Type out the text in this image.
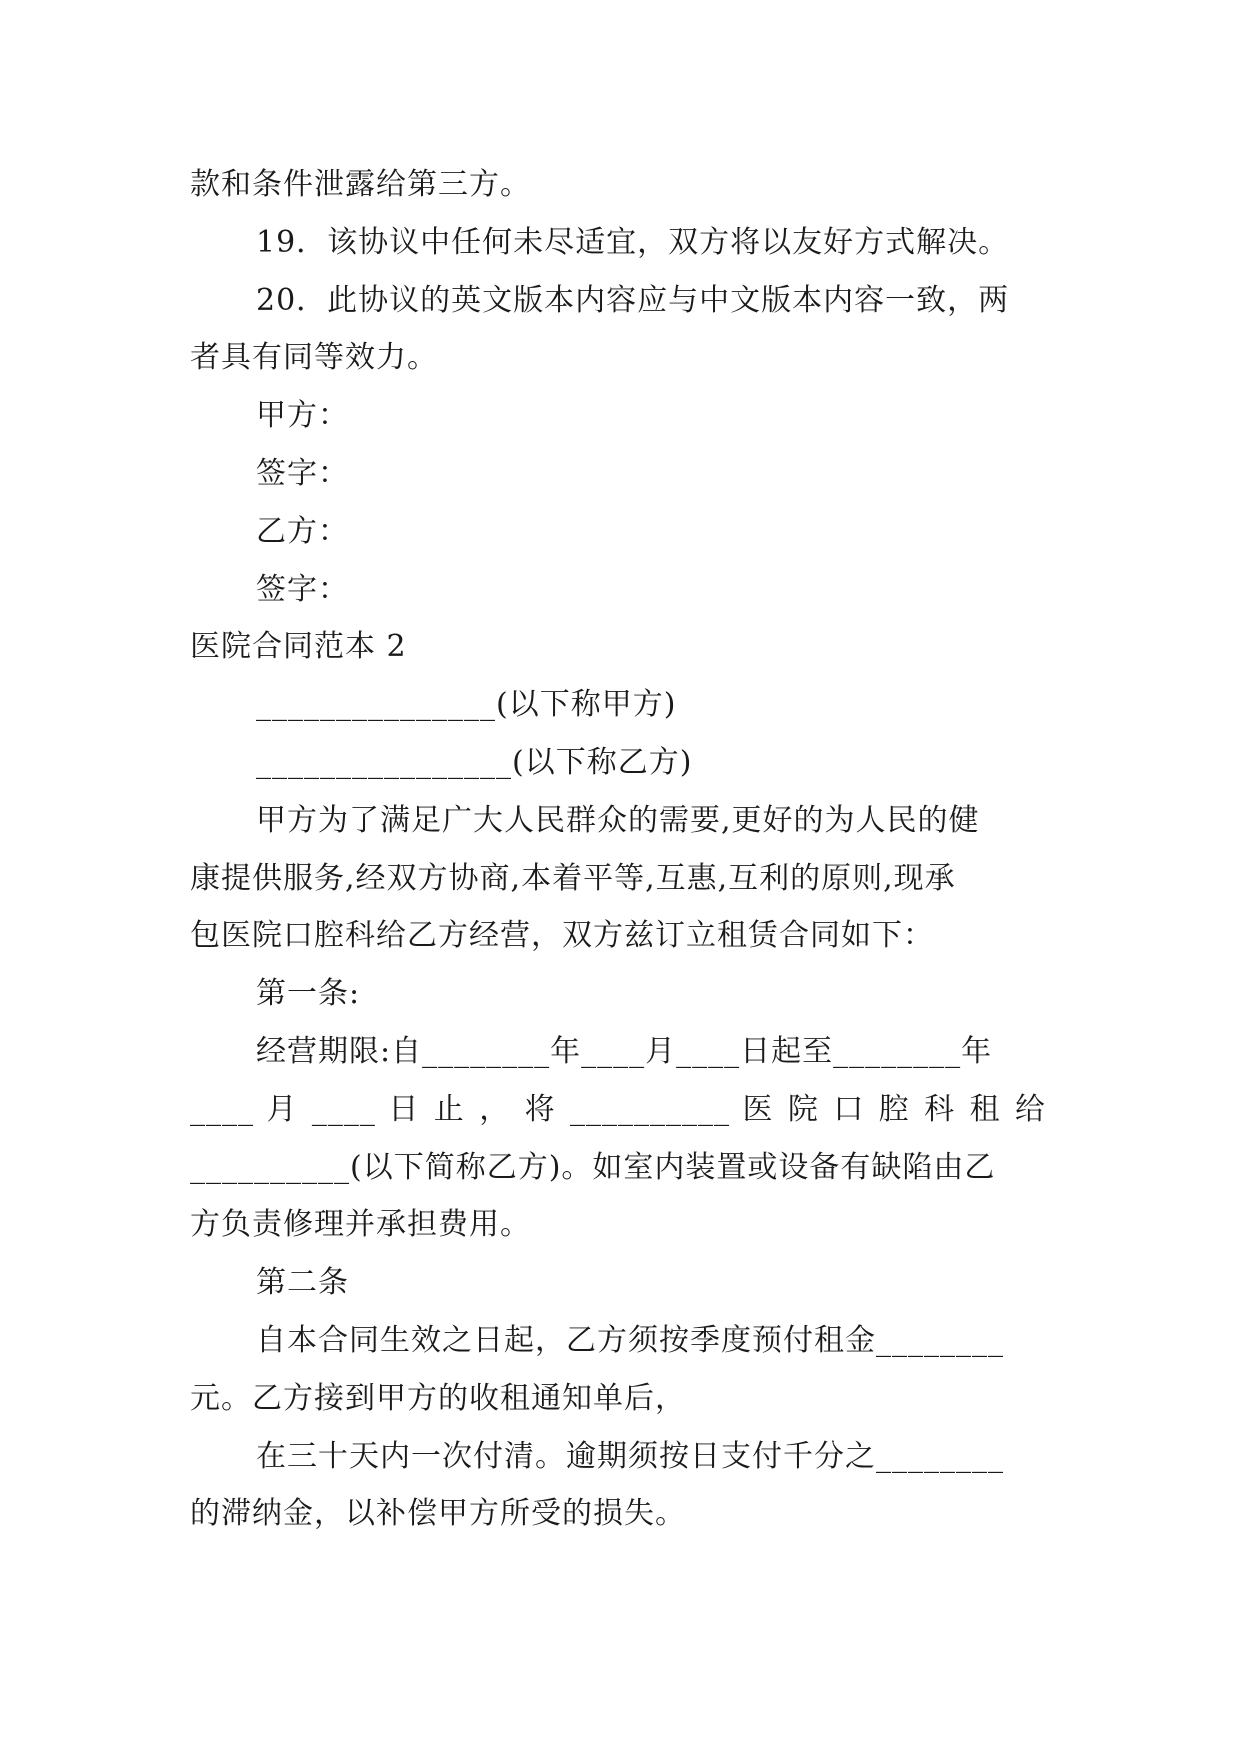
款和条件泄露给第三方。
19．该协议中任何未尽适宜，双方将以友好方式解决。
20．此协议的英文版本内容应与中文版本内容一致，两
者具有同等效力。
甲方：
签字：
乙方：
签字：
医院合同范本 2
_______________(以下称甲方)
________________(以下称乙方)
甲方为了满足广大人民群众的需要,更好的为人民的健
康提供服务,经双方协商,本着平等,互惠,互利的原则,现承
包医院口腔科给乙方经营，双方兹订立租赁合同如下：
第一条:
经营期限:自________年____月____日起至________年
____ 月 ____ 日 止 ， 将 __________ 医 院 口 腔 科 租 给
__________(以下简称乙方)。如室内装置或设备有缺陷由乙
方负责修理并承担费用。
第二条
自本合同生效之日起，乙方须按季度预付租金________
元。乙方接到甲方的收租通知单后，
在三十天内一次付清。逾期须按日支付千分之________
的滞纳金，以补偿甲方所受的损失。
